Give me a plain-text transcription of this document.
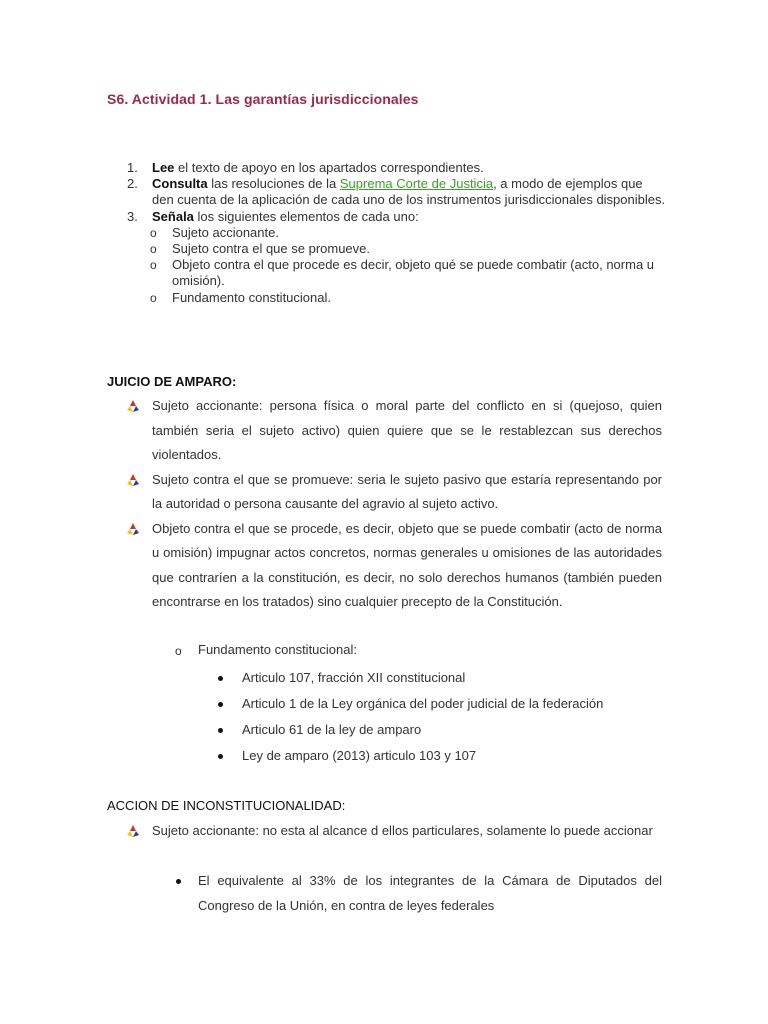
S6. Actividad 1. Las garantías jurisdiccionales
1. Lee el texto de apoyo en los apartados correspondientes.
2. Consulta las resoluciones de la Suprema Corte de Justicia, a modo de ejemplos que den cuenta de la aplicación de cada uno de los instrumentos jurisdiccionales disponibles.
3. Señala los siguientes elementos de cada uno:
o Sujeto accionante.
o Sujeto contra el que se promueve.
o Objeto contra el que procede es decir, objeto qué se puede combatir (acto, norma u omisión).
o Fundamento constitucional.
JUICIO DE AMPARO:
Sujeto accionante: persona física o moral parte del conflicto en si (quejoso, quien también seria el sujeto activo) quien quiere que se le restablezcan sus derechos violentados.
Sujeto contra el que se promueve: seria le sujeto pasivo que estaría representando por la autoridad o persona causante del agravio al sujeto activo.
Objeto contra el que se procede, es decir, objeto que se puede combatir (acto de norma u omisión) impugnar actos concretos, normas generales u omisiones de las autoridades que contraríen a la constitución, es decir, no solo derechos humanos (también pueden encontrarse en los tratados) sino cualquier precepto de la Constitución.
o Fundamento constitucional:
Articulo 107, fracción XII constitucional
Articulo 1 de la Ley orgánica del poder judicial de la federación
Articulo 61 de la ley de amparo
Ley de amparo (2013) articulo 103 y 107
ACCION DE INCONSTITUCIONALIDAD:
Sujeto accionante: no esta al alcance d ellos particulares, solamente lo puede accionar
El equivalente al 33% de los integrantes de la Cámara de Diputados del Congreso de la Unión, en contra de leyes federales
